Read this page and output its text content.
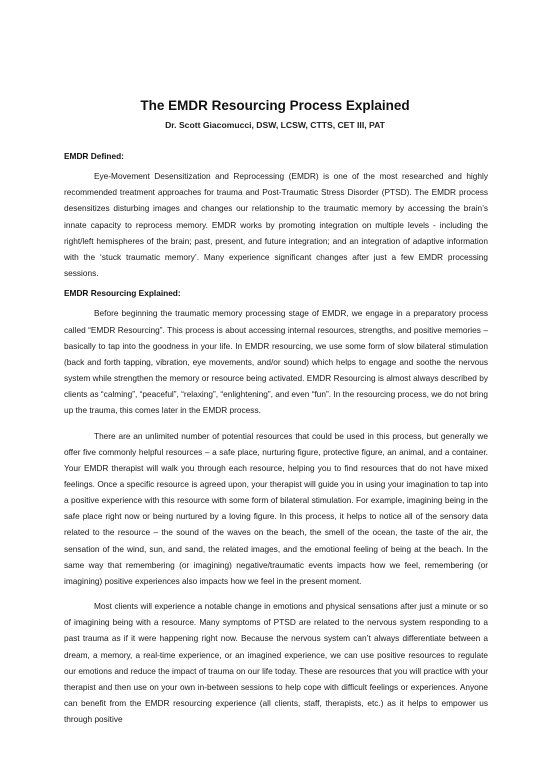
The EMDR Resourcing Process Explained
Dr. Scott Giacomucci, DSW, LCSW, CTTS, CET III, PAT
EMDR Defined:

Eye-Movement Desensitization and Reprocessing (EMDR) is one of the most researched and highly recommended treatment approaches for trauma and Post-Traumatic Stress Disorder (PTSD). The EMDR process desensitizes disturbing images and changes our relationship to the traumatic memory by accessing the brain’s innate capacity to reprocess memory. EMDR works by promoting integration on multiple levels - including the right/left hemispheres of the brain; past, present, and future integration; and an integration of adaptive information with the ‘stuck traumatic memory’. Many experience significant changes after just a few EMDR processing sessions.

EMDR Resourcing Explained:

Before beginning the traumatic memory processing stage of EMDR, we engage in a preparatory process called “EMDR Resourcing”. This process is about accessing internal resources, strengths, and positive memories – basically to tap into the goodness in your life. In EMDR resourcing, we use some form of slow bilateral stimulation (back and forth tapping, vibration, eye movements, and/or sound) which helps to engage and soothe the nervous system while strengthen the memory or resource being activated. EMDR Resourcing is almost always described by clients as “calming”, “peaceful”, “relaxing”, “enlightening”, and even “fun”. In the resourcing process, we do not bring up the trauma, this comes later in the EMDR process.

There are an unlimited number of potential resources that could be used in this process, but generally we offer five commonly helpful resources – a safe place, nurturing figure, protective figure, an animal, and a container. Your EMDR therapist will walk you through each resource, helping you to find resources that do not have mixed feelings. Once a specific resource is agreed upon, your therapist will guide you in using your imagination to tap into a positive experience with this resource with some form of bilateral stimulation. For example, imagining being in the safe place right now or being nurtured by a loving figure. In this process, it helps to notice all of the sensory data related to the resource – the sound of the waves on the beach, the smell of the ocean, the taste of the air, the sensation of the wind, sun, and sand, the related images, and the emotional feeling of being at the beach. In the same way that remembering (or imagining) negative/traumatic events impacts how we feel, remembering (or imagining) positive experiences also impacts how we feel in the present moment.

Most clients will experience a notable change in emotions and physical sensations after just a minute or so of imagining being with a resource. Many symptoms of PTSD are related to the nervous system responding to a past trauma as if it were happening right now. Because the nervous system can’t always differentiate between a dream, a memory, a real-time experience, or an imagined experience, we can use positive resources to regulate our emotions and reduce the impact of trauma on our life today. These are resources that you will practice with your therapist and then use on your own in-between sessions to help cope with difficult feelings or experiences. Anyone can benefit from the EMDR resourcing experience (all clients, staff, therapists, etc.) as it helps to empower us through positive
